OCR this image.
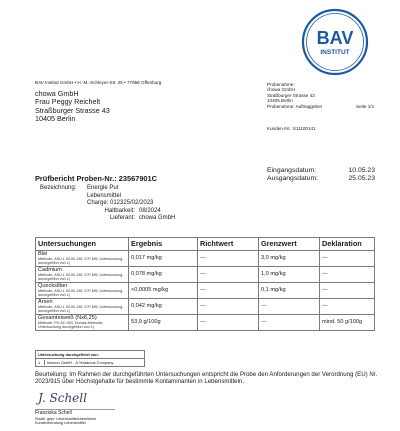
BAV
INSTITUT
BAV Institut GmbH • H.-M.-Schleyer-Str. 25 • 77656 Offenburg
chowa GmbH
Frau Peggy Reichelt
Straßburger Strasse 43
10405 Berlin
Probenahme:
chowa GmbH
Straßburger Strasse 43
10405 Berlin
Probenahme: Auftraggeber
Kunden-Nr.: S11100141
Seite 1/1
Eingangsdatum:	10.05.23
Ausgangsdatum:	25.05.23
Prüfbericht Proben-Nr.: 23567901C
Bezeichnung:	Energie Pur
Lebensmittel
Charge: 012325/02/2023
Haltbarkeit: 08/2024
Lieferant: chowa GmbH
Untersuchungen	Ergebnis	Richtwert	Grenzwert	Deklaration

Blei
Methode: ASU L 00.00-135, ICP-MS; Untersuchung durchgeführt von 1)	0,017 mg/kg	---	3,0 mg/kg	---

Cadmium
Methode: ASU L 00.00-135, ICP-MS; Untersuchung durchgeführt von 1)	0,078 mg/kg	---	1,0 mg/kg	---

Quecksilber
Methode: ASU L 00.00-135, ICP-MS; Untersuchung durchgeführt von 1)	<0,0005 mg/kg	---	0,1 mg/kg	---

Arsen
Methode: ASU L 00.00-135, ICP-MS; Untersuchung durchgeführt von 1)	0,042 mg/kg	---	---	---

Gesamteiweiß (Nx6,25)
Methode: PV-AC-003, Dumas-Methode; Untersuchung durchgeführt von 1)	53,9 g/100g	---	---	mind. 50 g/100g
Untersuchung durchgeführt von:
1	Intavon GmbH - A Tentamus Company
Beurteilung: Im Rahmen der durchgeführten Untersuchungen entspricht die Probe den Anforderungen der Verordnung (EU) Nr. 2023/915 über Höchstgehalte für bestimmte Kontaminanten in Lebensmitteln.
J. Schell
Franziska Schell
Staatl. gepr. Lebensmittelchemikerin
Kundenberatung Lebensmittel
